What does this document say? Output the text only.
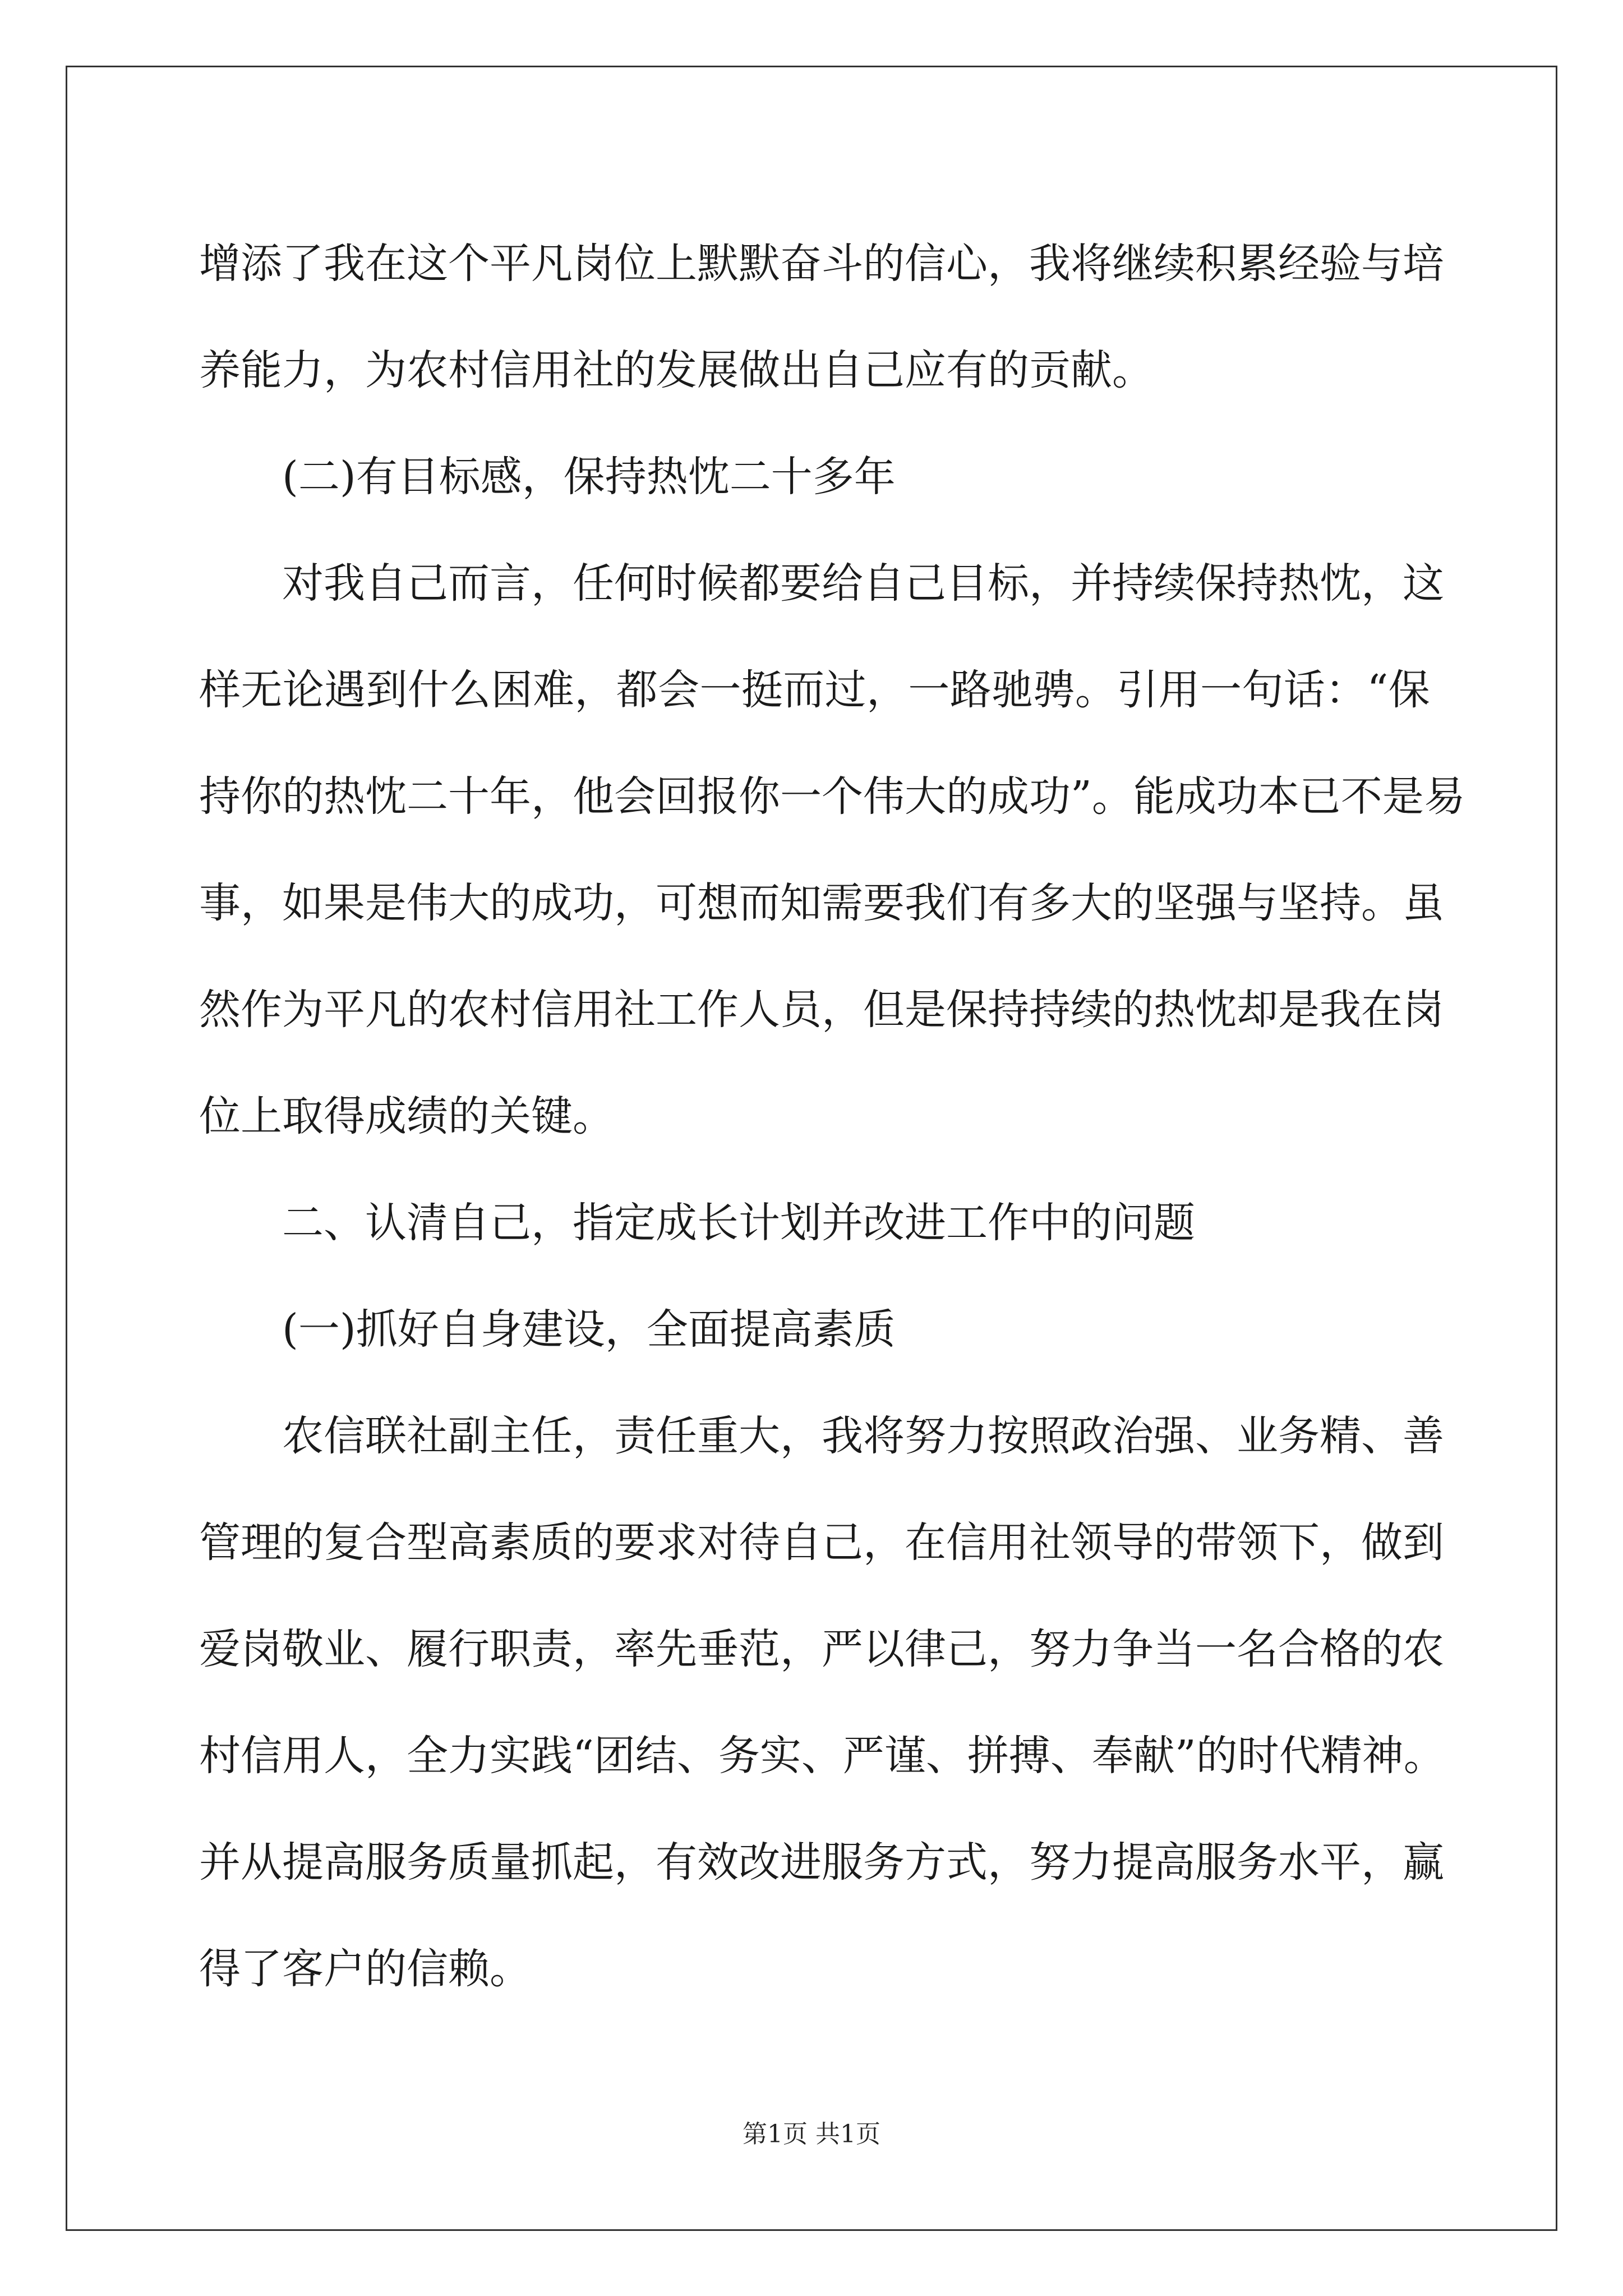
增 添 了 我 在 这 个 平 凡 岗 位 上 默 默 奋 斗 的 信 心 ， 我 将 继 续 积 累 经 验 与 培
养能力，为农村信用社的发展做出自己应有的贡献。
(二)有目标感，保持热忱二十多年
对 我 自 己 而 言 ， 任 何 时 候 都 要 给 自 己 目 标 ， 并 持 续 保 持 热 忱 ， 这
样 无 论 遇 到 什 么 困 难 ， 都 会 一 挺 而 过 ， 一 路 驰 骋 。 引 用 一 句 话 ： “ 保
持 你 的 热 忱 二 十 年 ， 他 会 回 报 你 一 个 伟 大 的 成 功 ” 。 能 成 功 本 已 不 是 易
事 ， 如 果 是 伟 大 的 成 功 ， 可 想 而 知 需 要 我 们 有 多 大 的 坚 强 与 坚 持 。 虽
然 作 为 平 凡 的 农 村 信 用 社 工 作 人 员 ， 但 是 保 持 持 续 的 热 忱 却 是 我 在 岗
位上取得成绩的关键。
二、认清自己，指定成长计划并改进工作中的问题
(一)抓好自身建设，全面提高素质
农 信 联 社 副 主 任 ， 责 任 重 大 ， 我 将 努 力 按 照 政 治 强 、 业 务 精 、 善
管 理 的 复 合 型 高 素 质 的 要 求 对 待 自 己 ， 在 信 用 社 领 导 的 带 领 下 ， 做 到
爱 岗 敬 业 、 履 行 职 责 ， 率 先 垂 范 ， 严 以 律 己 ， 努 力 争 当 一 名 合 格 的 农
村 信 用 人 ， 全 力 实 践 “ 团 结 、 务 实 、 严 谨 、 拼 搏 、 奉 献 ” 的 时 代 精 神 。
并 从 提 高 服 务 质 量 抓 起 ， 有 效 改 进 服 务 方 式 ， 努 力 提 高 服 务 水 平 ， 赢
得了客户的信赖。
第1页 共1页
